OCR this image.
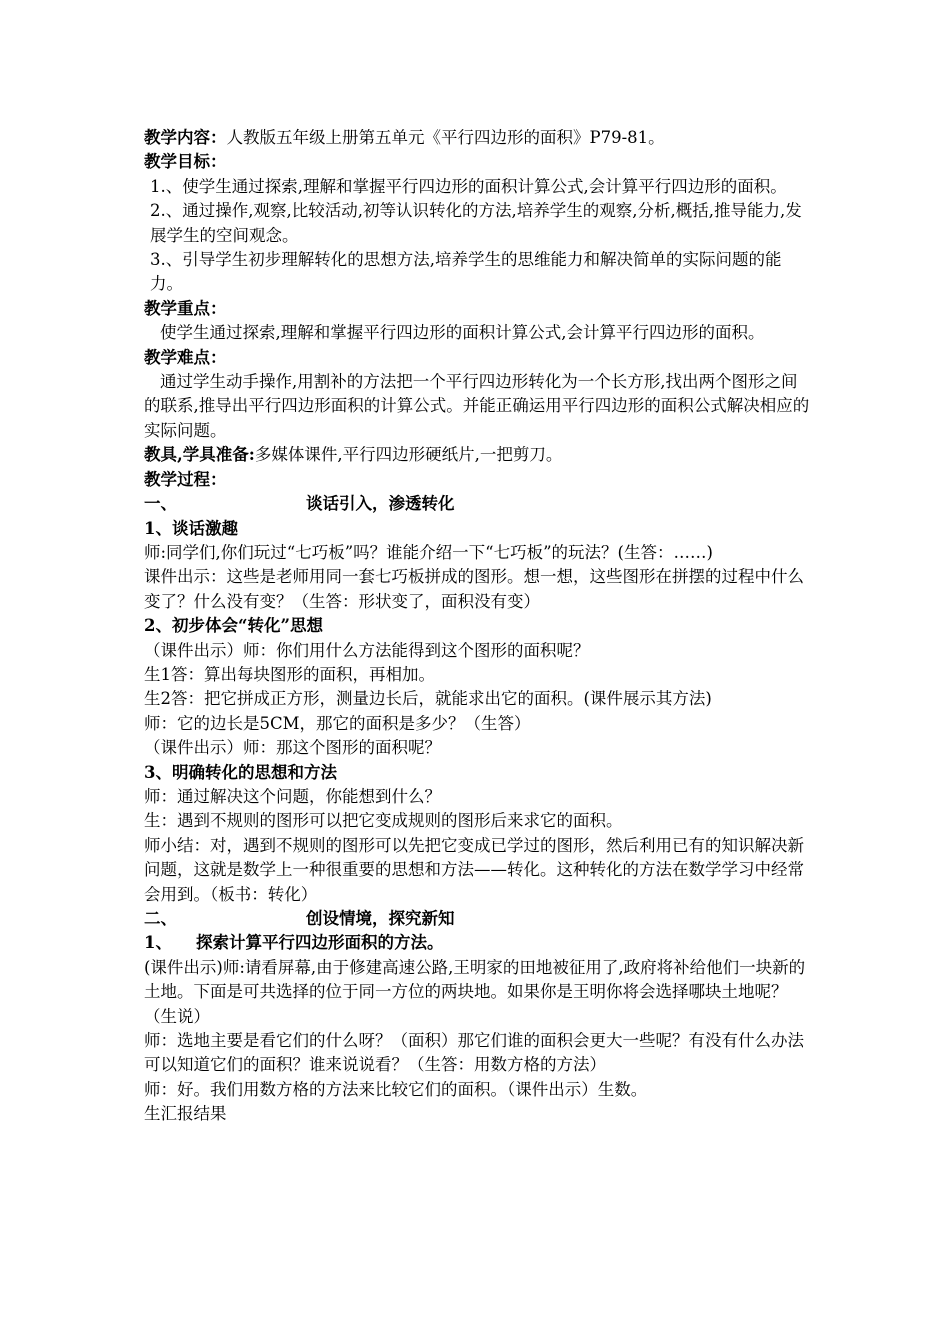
教学内容：人教版五年级上册第五单元《平行四边形的面积》P79-81。

教学目标：

1.、使学生通过探索,理解和掌握平行四边形的面积计算公式,会计算平行四边形的面积。

2.、通过操作,观察,比较活动,初等认识转化的方法,培养学生的观察,分析,概括,推导能力,发展学生的空间观念。

3.、引导学生初步理解转化的思想方法,培养学生的思维能力和解决简单的实际问题的能力。

教学重点：

使学生通过探索,理解和掌握平行四边形的面积计算公式,会计算平行四边形的面积。

教学难点：

通过学生动手操作,用割补的方法把一个平行四边形转化为一个长方形,找出两个图形之间的联系,推导出平行四边形面积的计算公式。并能正确运用平行四边形的面积公式解决相应的实际问题。

教具,学具准备:多媒体课件,平行四边形硬纸片,一把剪刀。

教学过程：

一、	谈话引入，渗透转化

1、谈话激趣

师:同学们,你们玩过“七巧板”吗？谁能介绍一下“七巧板”的玩法？(生答：……)

课件出示：这些是老师用同一套七巧板拼成的图形。想一想，这些图形在拼摆的过程中什么变了？什么没有变？（生答：形状变了，面积没有变）

2、初步体会“转化”思想

（课件出示）师：你们用什么方法能得到这个图形的面积呢？

生1答：算出每块图形的面积，再相加。

生2答：把它拼成正方形，测量边长后，就能求出它的面积。(课件展示其方法)

师：它的边长是5CM，那它的面积是多少？（生答）

（课件出示）师：那这个图形的面积呢？

3、明确转化的思想和方法

师：通过解决这个问题，你能想到什么？

生：遇到不规则的图形可以把它变成规则的图形后来求它的面积。

师小结：对，遇到不规则的图形可以先把它变成已学过的图形，然后利用已有的知识解决新问题，这就是数学上一种很重要的思想和方法——转化。这种转化的方法在数学学习中经常会用到。（板书：转化）

二、	创设情境，探究新知
1、	探索计算平行四边形面积的方法。

(课件出示)师:请看屏幕,由于修建高速公路,王明家的田地被征用了,政府将补给他们一块新的土地。下面是可共选择的位于同一方位的两块地。如果你是王明你将会选择哪块土地呢？（生说）

师：选地主要是看它们的什么呀？（面积）那它们谁的面积会更大一些呢？有没有什么办法可以知道它们的面积？谁来说说看？（生答：用数方格的方法）

师：好。我们用数方格的方法来比较它们的面积。（课件出示）生数。

生汇报结果
